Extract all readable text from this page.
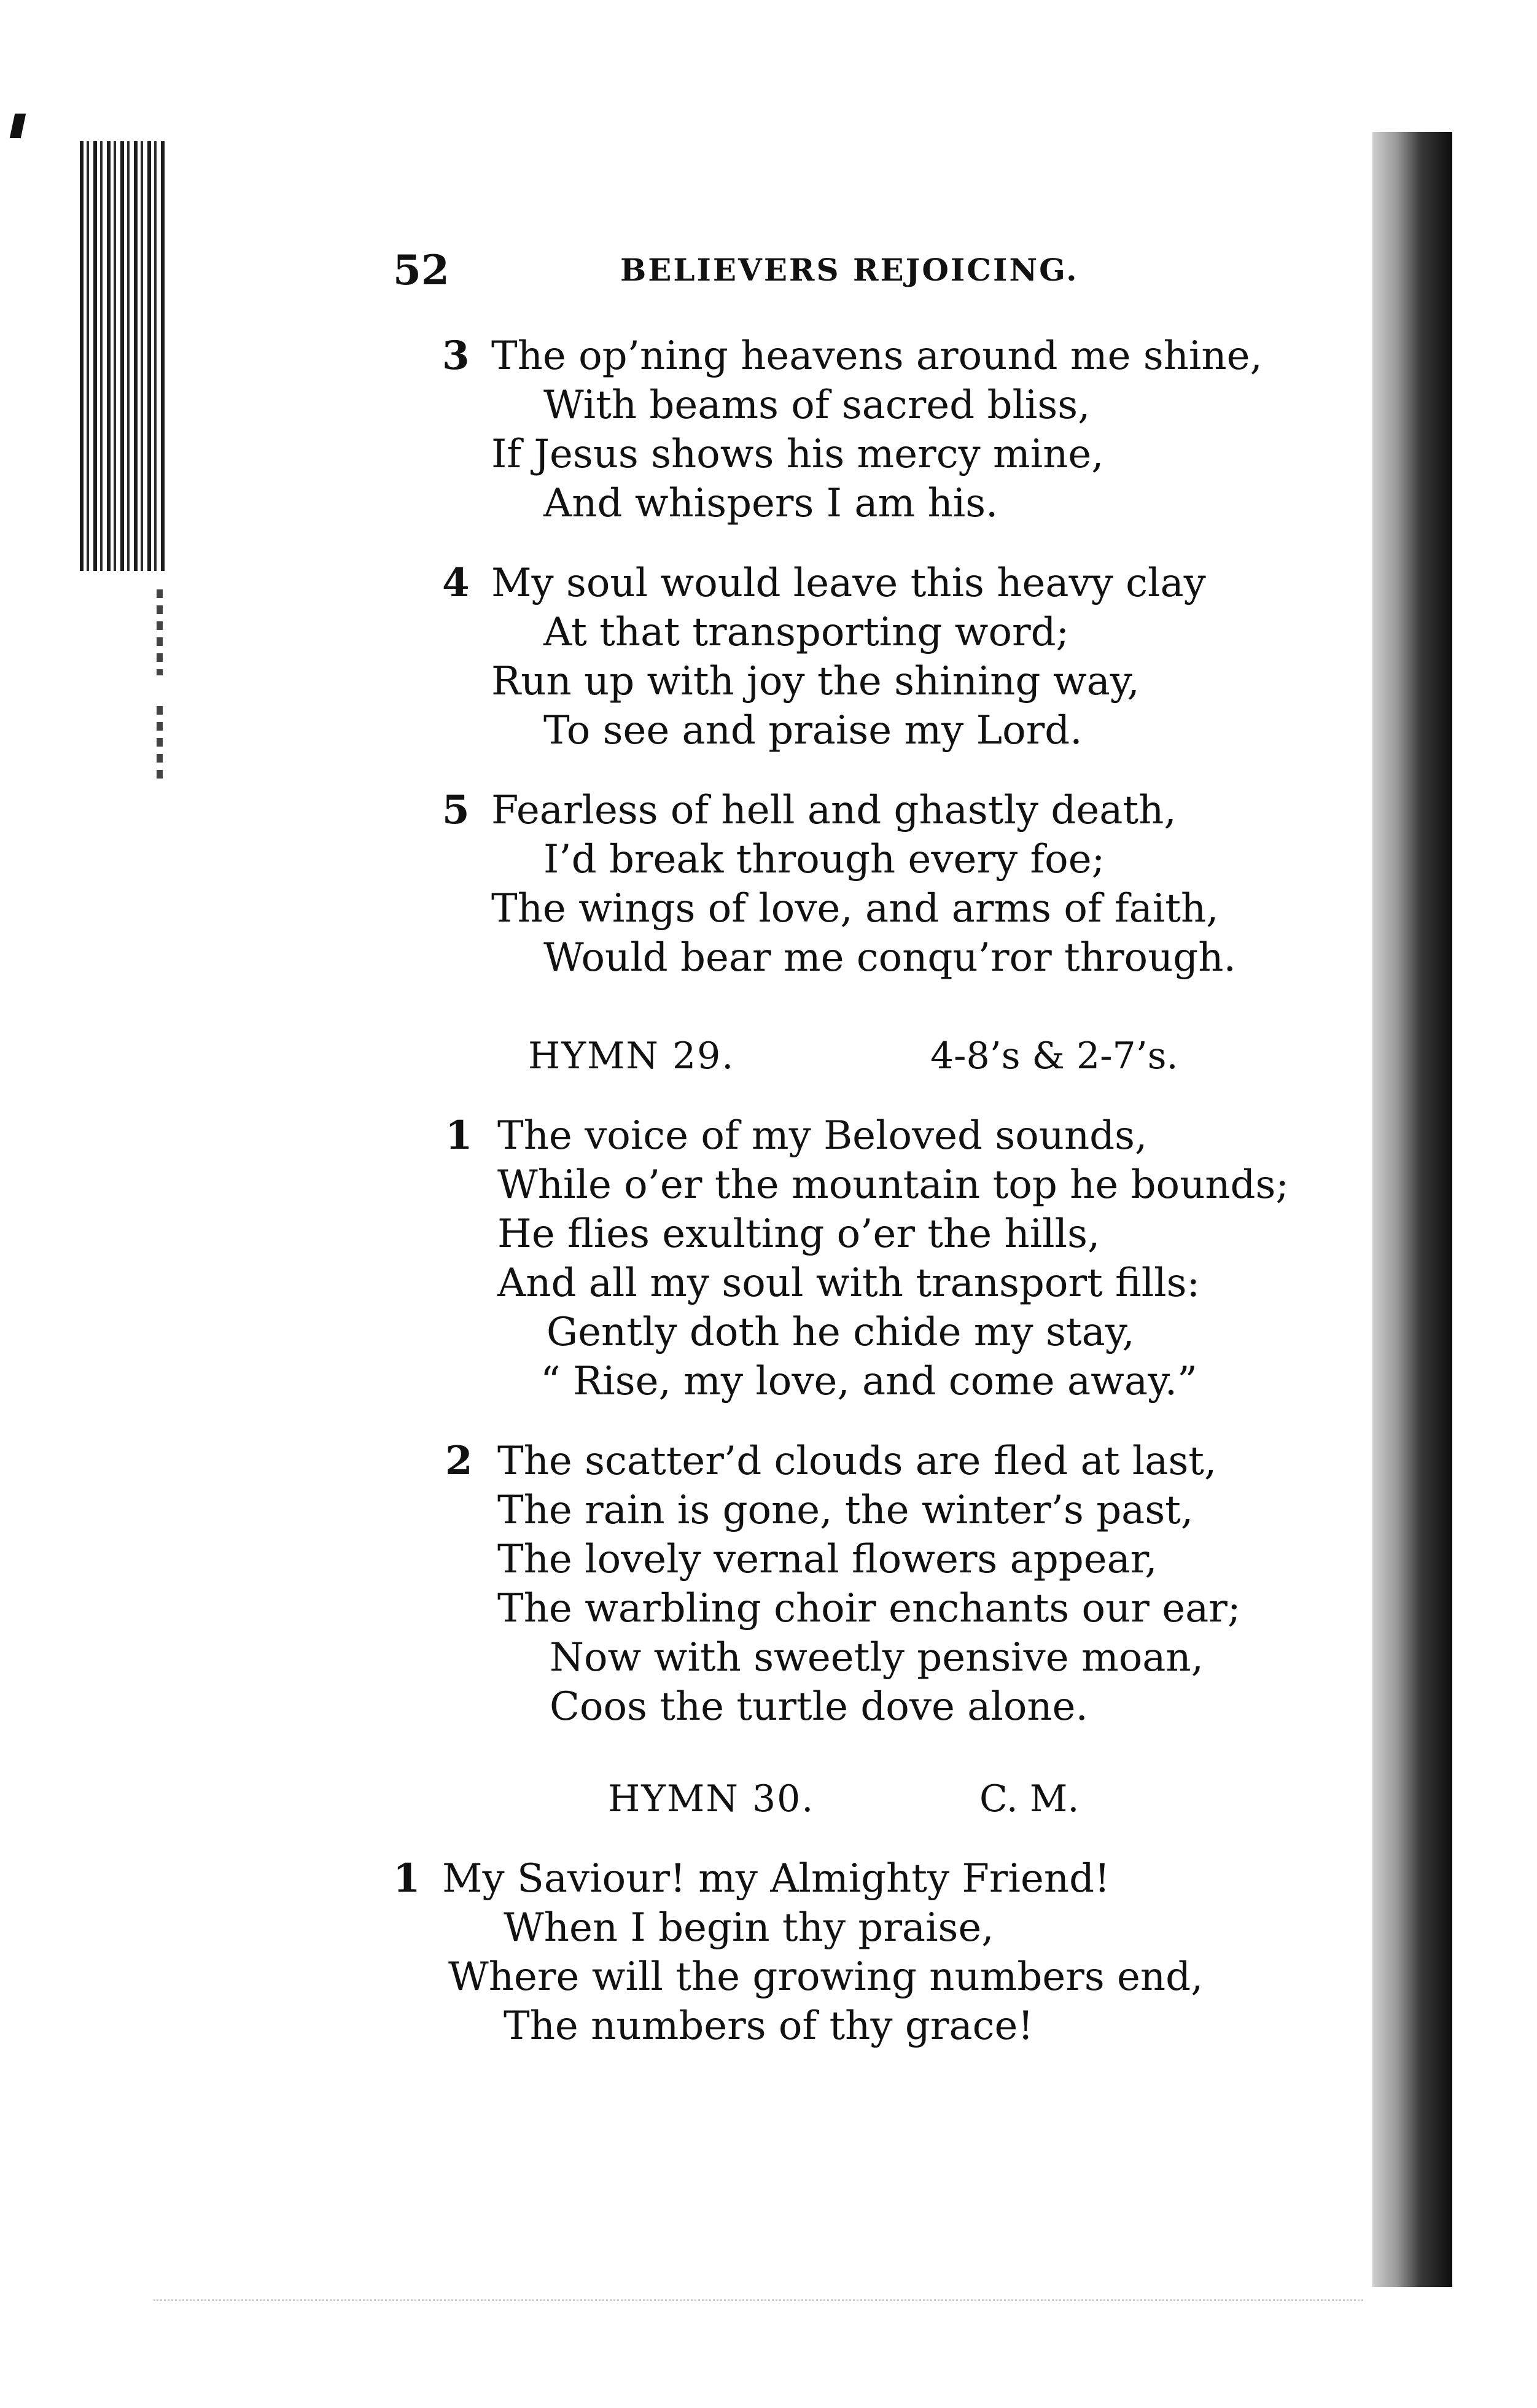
52	BELIEVERS REJOICING.
3 The op’ning heavens around me shine,
With beams of sacred bliss,
If Jesus shows his mercy mine,
And whispers I am his.
4 My soul would leave this heavy clay
At that transporting word;
Run up with joy the shining way,
To see and praise my Lord.
5 Fearless of hell and ghastly death,
I’d break through every foe;
The wings of love, and arms of faith,
Would bear me conqu’ror through.
HYMN 29.	4-8’s & 2-7’s.
1 The voice of my Beloved sounds,
While o’er the mountain top he bounds;
He flies exulting o’er the hills,
And all my soul with transport fills:
Gently doth he chide my stay,
“ Rise, my love, and come away.”
2 The scatter’d clouds are fled at last,
The rain is gone, the winter’s past,
The lovely vernal flowers appear,
The warbling choir enchants our ear;
Now with sweetly pensive moan,
Coos the turtle dove alone.
HYMN 30.	C. M.
1 My Saviour! my Almighty Friend!
When I begin thy praise,
Where will the growing numbers end,
The numbers of thy grace!
